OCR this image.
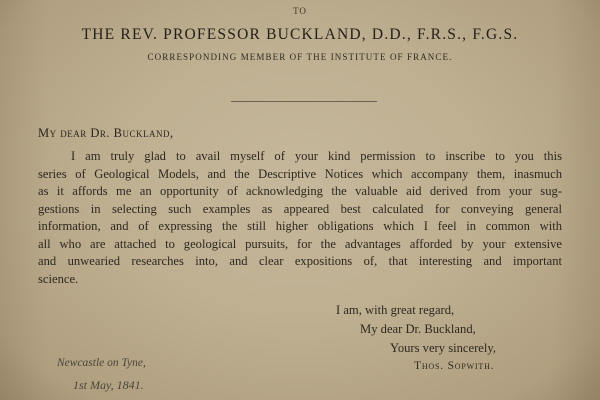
TO
THE REV. PROFESSOR BUCKLAND, D.D., F.R.S., F.G.S.
CORRESPONDING MEMBER OF THE INSTITUTE OF FRANCE.
My dear Dr. Buckland,
I am truly glad to avail myself of your kind permission to inscribe to you this
series of Geological Models, and the Descriptive Notices which accompany them, inasmuch
as it affords me an opportunity of acknowledging the valuable aid derived from your sug-
gestions in selecting such examples as appeared best calculated for conveying general
information, and of expressing the still higher obligations which I feel in common with
all who are attached to geological pursuits, for the advantages afforded by your extensive
and unwearied researches into, and clear expositions of, that interesting and important
science.
I am, with great regard,
My dear Dr. Buckland,
Yours very sincerely,
Thos. Sopwith.
Newcastle on Tyne,
1st May, 1841.
